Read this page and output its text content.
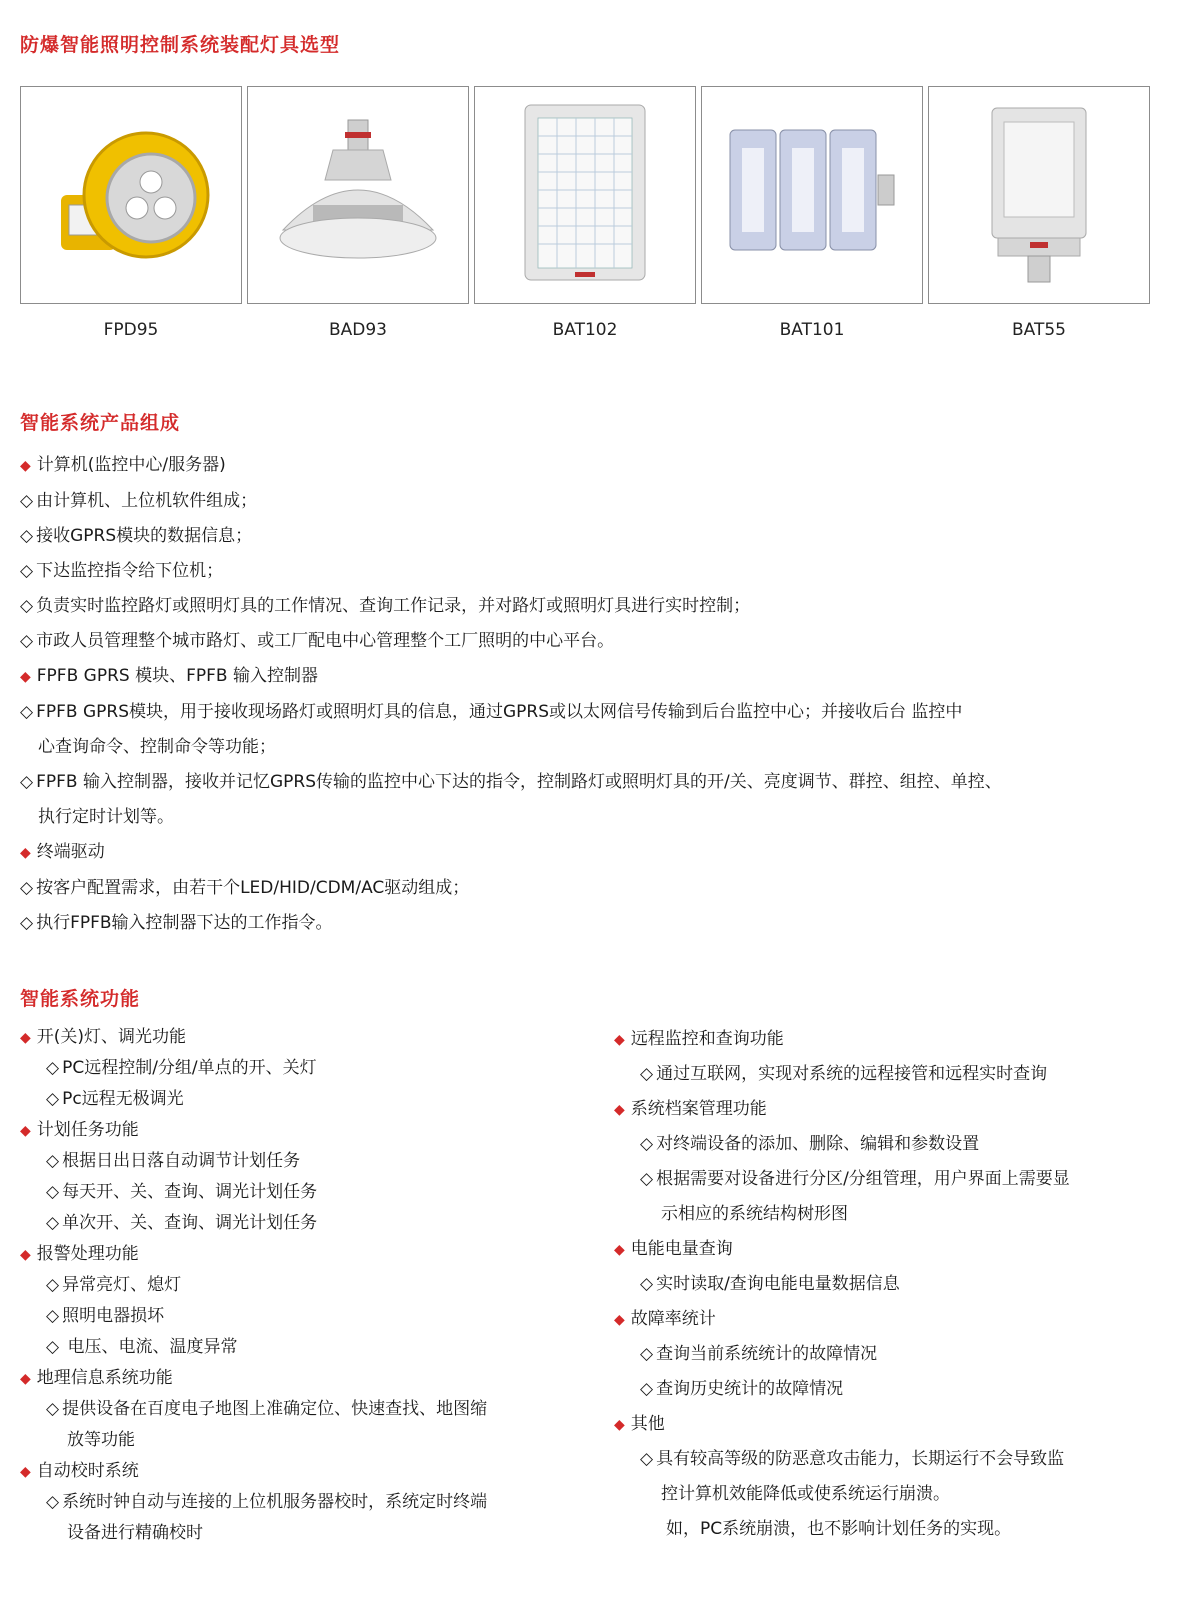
防爆智能照明控制系统装配灯具选型
FPD95	BAD93	BAT102	BAT101	BAT55
智能系统产品组成
◆ 计算机(监控中心/服务器)
◇ 由计算机、上位机软件组成；
◇ 接收GPRS模块的数据信息；
◇ 下达监控指令给下位机；
◇ 负责实时监控路灯或照明灯具的工作情况、查询工作记录，并对路灯或照明灯具进行实时控制；
◇ 市政人员管理整个城市路灯、或工厂配电中心管理整个工厂照明的中心平台。
◆ FPFB GPRS 模块、FPFB 输入控制器
◇ FPFB GPRS模块，用于接收现场路灯或照明灯具的信息，通过GPRS或以太网信号传输到后台监控中心；并接收后台 监控中
心查询命令、控制命令等功能；
◇ FPFB 输入控制器，接收并记忆GPRS传输的监控中心下达的指令，控制路灯或照明灯具的开/关、亮度调节、群控、组控、单控、
执行定时计划等。
◆ 终端驱动
◇ 按客户配置需求，由若干个LED/HID/CDM/AC驱动组成；
◇ 执行FPFB输入控制器下达的工作指令。
智能系统功能
◆ 开(关)灯、调光功能
◇ PC远程控制/分组/单点的开、关灯
◇ Pc远程无极调光
◆ 计划任务功能
◇ 根据日出日落自动调节计划任务
◇ 每天开、关、查询、调光计划任务
◇ 单次开、关、查询、调光计划任务
◆ 报警处理功能
◇ 异常亮灯、熄灯
◇ 照明电器损坏
◇ 电压、电流、温度异常
◆ 地理信息系统功能
◇ 提供设备在百度电子地图上准确定位、快速查找、地图缩
放等功能
◆ 自动校时系统
◇ 系统时钟自动与连接的上位机服务器校时，系统定时终端
设备进行精确校时
◆ 远程监控和查询功能
◇ 通过互联网，实现对系统的远程接管和远程实时查询
◆ 系统档案管理功能
◇ 对终端设备的添加、删除、编辑和参数设置
◇ 根据需要对设备进行分区/分组管理，用户界面上需要显
示相应的系统结构树形图
◆ 电能电量查询
◇ 实时读取/查询电能电量数据信息
◆ 故障率统计
◇ 查询当前系统统计的故障情况
◇ 查询历史统计的故障情况
◆ 其他
◇ 具有较高等级的防恶意攻击能力，长期运行不会导致监
控计算机效能降低或使系统运行崩溃。
如，PC系统崩溃，也不影响计划任务的实现。
